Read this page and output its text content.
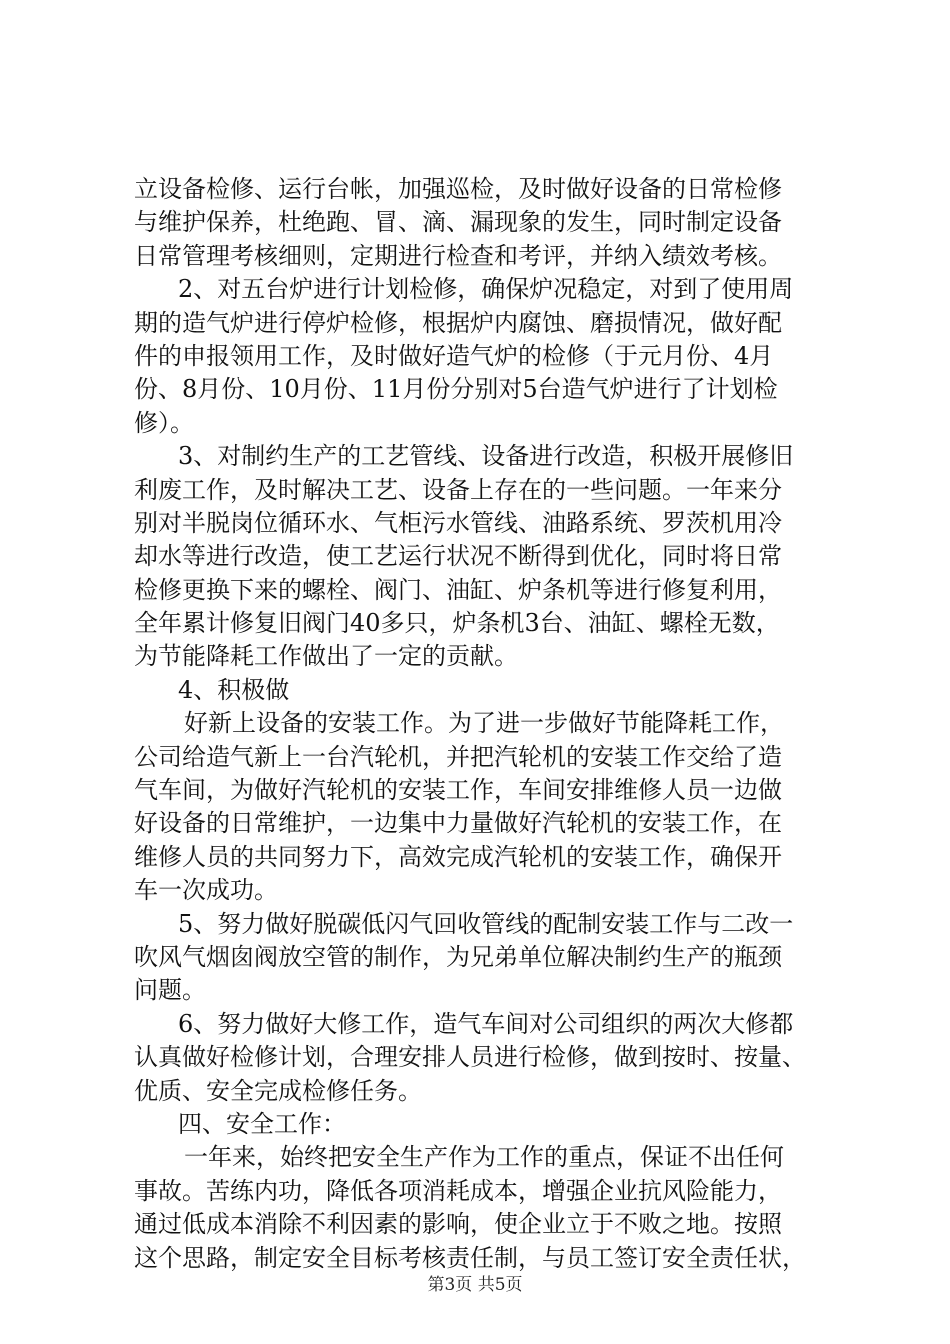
立设备检修、运行台帐，加强巡检，及时做好设备的日常检修
与维护保养，杜绝跑、冒、滴、漏现象的发生，同时制定设备
日常管理考核细则，定期进行检查和考评，并纳入绩效考核。
2、对五台炉进行计划检修，确保炉况稳定，对到了使用周
期的造气炉进行停炉检修，根据炉内腐蚀、磨损情况，做好配
件的申报领用工作，及时做好造气炉的检修（于元月份、4月
份、8月份、10月份、11月份分别对5台造气炉进行了计划检
修）。
3、对制约生产的工艺管线、设备进行改造，积极开展修旧
利废工作，及时解决工艺、设备上存在的一些问题。一年来分
别对半脱岗位循环水、气柜污水管线、油路系统、罗茨机用冷
却水等进行改造，使工艺运行状况不断得到优化，同时将日常
检修更换下来的螺栓、阀门、油缸、炉条机等进行修复利用，
全年累计修复旧阀门40多只，炉条机3台、油缸、螺栓无数，
为节能降耗工作做出了一定的贡献。
4、积极做
好新上设备的安装工作。为了进一步做好节能降耗工作，
公司给造气新上一台汽轮机，并把汽轮机的安装工作交给了造
气车间，为做好汽轮机的安装工作，车间安排维修人员一边做
好设备的日常维护，一边集中力量做好汽轮机的安装工作，在
维修人员的共同努力下，高效完成汽轮机的安装工作，确保开
车一次成功。
5、努力做好脱碳低闪气回收管线的配制安装工作与二改一
吹风气烟囱阀放空管的制作，为兄弟单位解决制约生产的瓶颈
问题。
6、努力做好大修工作，造气车间对公司组织的两次大修都
认真做好检修计划，合理安排人员进行检修，做到按时、按量、
优质、安全完成检修任务。
四、安全工作：
一年来，始终把安全生产作为工作的重点，保证不出任何
事故。苦练内功，降低各项消耗成本，增强企业抗风险能力，
通过低成本消除不利因素的影响，使企业立于不败之地。按照
这个思路，制定安全目标考核责任制，与员工签订安全责任状，
第3页 共5页
